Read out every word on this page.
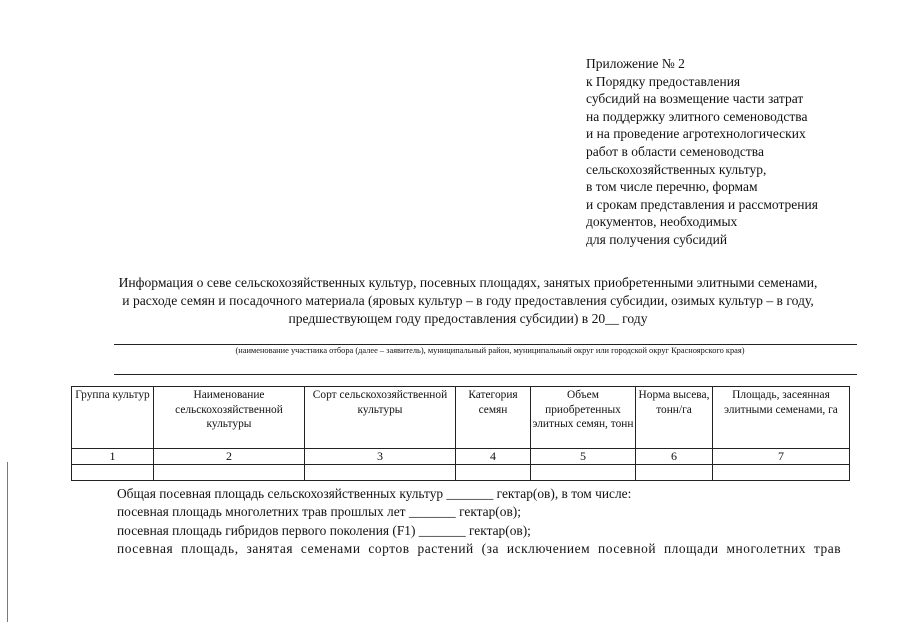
Приложение № 2
к Порядку предоставления
субсидий на возмещение части затрат
на поддержку элитного семеноводства
и на проведение агротехнологических
работ в области семеноводства
сельскохозяйственных культур,
в том числе перечню, формам
и срокам представления и рассмотрения
документов, необходимых
для получения субсидий
Информация о севе сельскохозяйственных культур, посевных площадях, занятых приобретенными элитными семенами,
и расходе семян и посадочного материала (яровых культур – в году предоставления субсидии, озимых культур – в году,
предшествующем году предоставления субсидии) в 20__ году
(наименование участника отбора (далее – заявитель), муниципальный район, муниципальный округ или городской округ Красноярского края)
Группа культур	Наименование сельскохозяйственной культуры	Сорт сельскохозяйственной культуры	Категория семян	Объем приобретенных элитных семян, тонн	Норма высева, тонн/га	Площадь, засеянная элитными семенами, га
1	2	3	4	5	6	7

Общая посевная площадь сельскохозяйственных культур _______ гектар(ов), в том числе:
посевная площадь многолетних трав прошлых лет _______ гектар(ов);
посевная площадь гибридов первого поколения (F1) _______ гектар(ов);
посевная площадь, занятая семенами сортов растений (за исключением посевной площади многолетних трав
